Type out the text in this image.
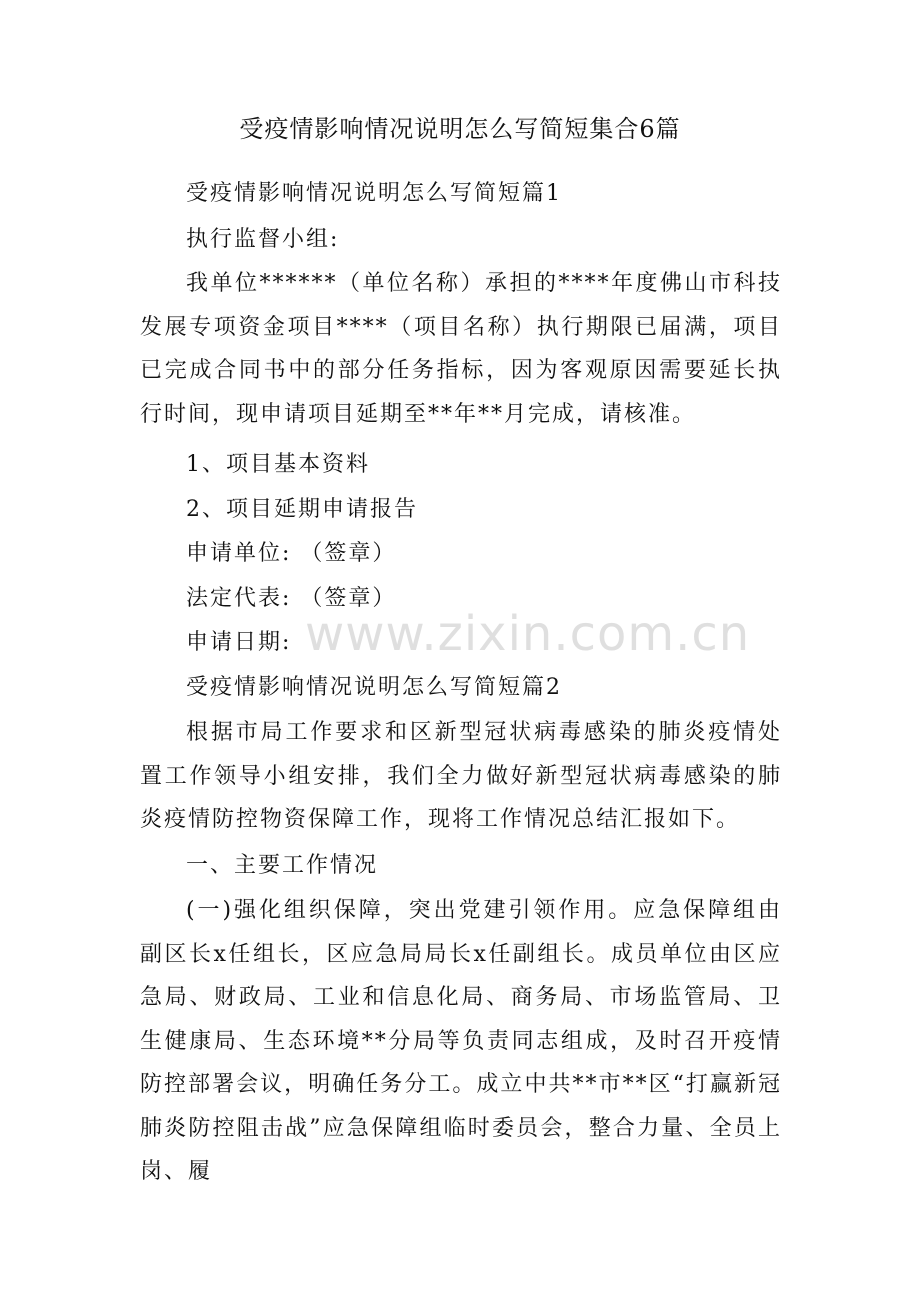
受疫情影响情况说明怎么写简短集合6篇

受疫情影响情况说明怎么写简短篇1

执行监督小组:

我单位******（单位名称）承担的****年度佛山市科技发展专项资金项目****（项目名称）执行期限已届满，项目已完成合同书中的部分任务指标，因为客观原因需要延长执行时间，现申请项目延期至**年**月完成，请核准。

1、项目基本资料

2、项目延期申请报告

申请单位: （签章）

法定代表: （签章）

申请日期:

受疫情影响情况说明怎么写简短篇2

根据市局工作要求和区新型冠状病毒感染的肺炎疫情处置工作领导小组安排，我们全力做好新型冠状病毒感染的肺炎疫情防控物资保障工作，现将工作情况总结汇报如下。

一、主要工作情况

(一)强化组织保障，突出党建引领作用。应急保障组由副区长x任组长，区应急局局长x任副组长。成员单位由区应急局、财政局、工业和信息化局、商务局、市场监管局、卫生健康局、生态环境**分局等负责同志组成，及时召开疫情防控部署会议，明确任务分工。成立中共**市**区“打赢新冠肺炎防控阻击战”应急保障组临时委员会，整合力量、全员上岗、履

www.zixin.com.cn
